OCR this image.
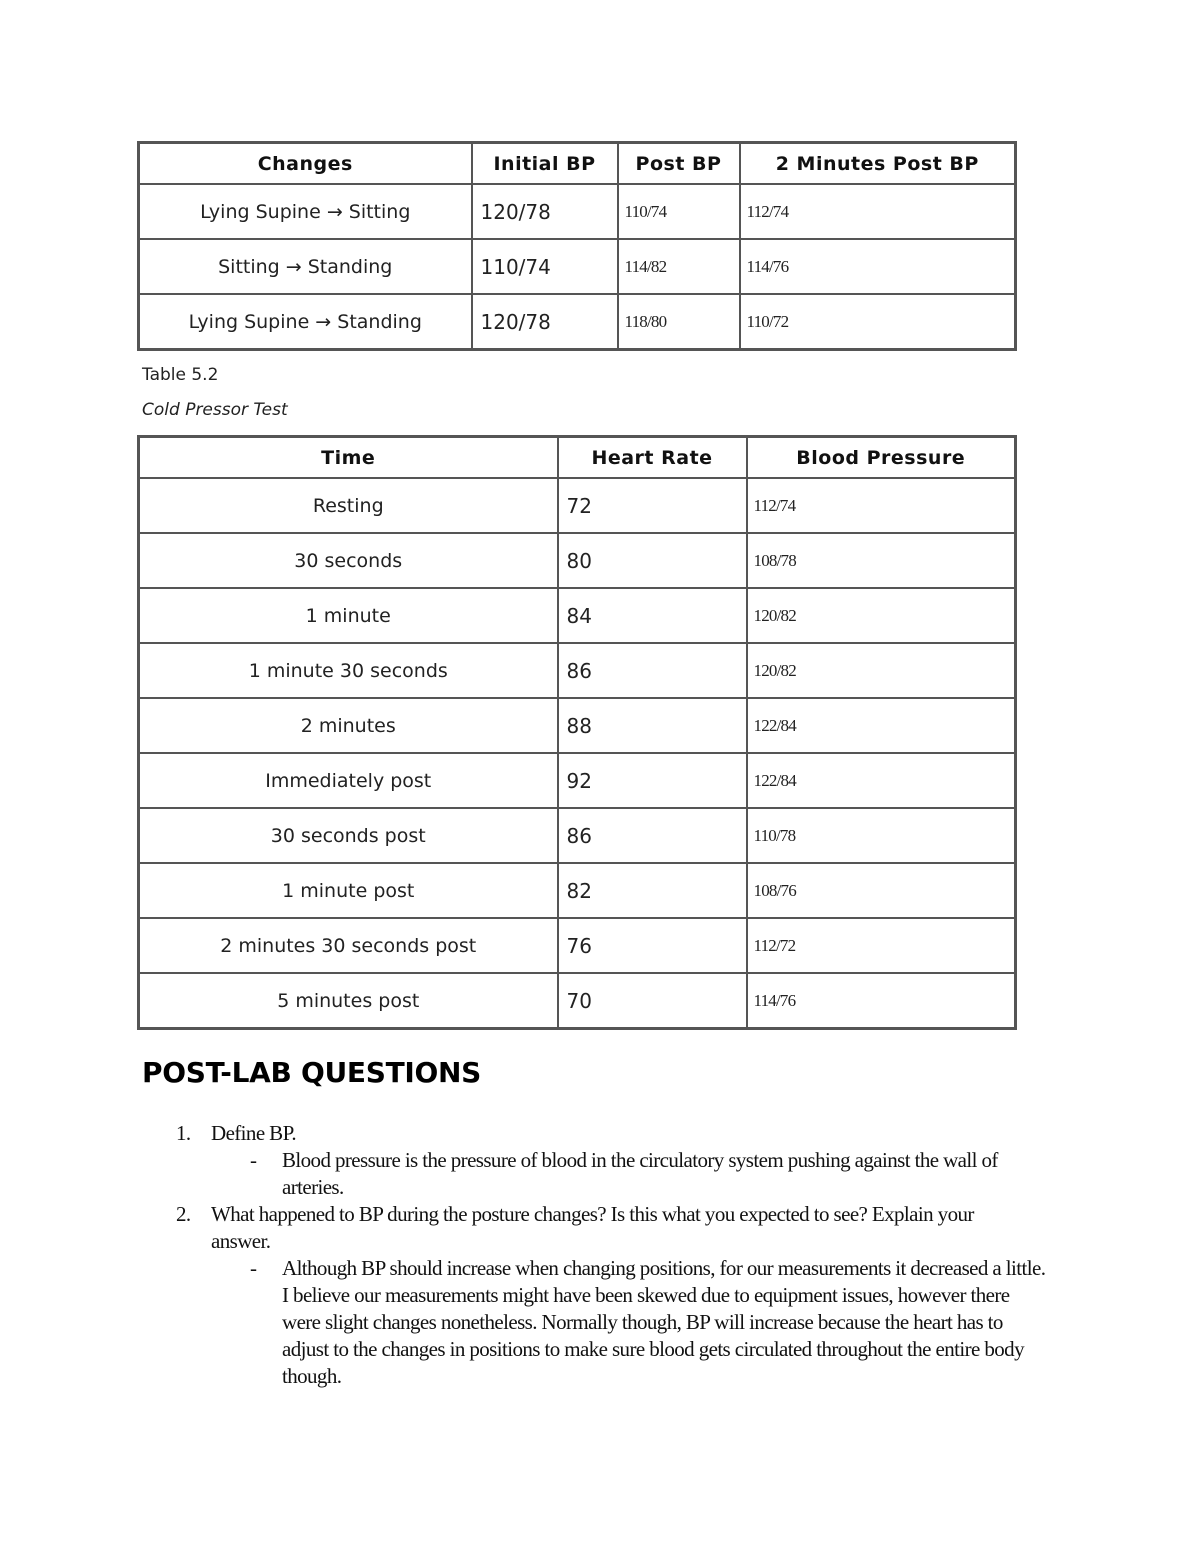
Changes	Initial BP	Post BP	2 Minutes Post BP
Lying Supine → Sitting	120/78	110/74	112/74
Sitting → Standing	110/74	114/82	114/76
Lying Supine → Standing	120/78	118/80	110/72
Table 5.2
Cold Pressor Test
Time	Heart Rate	Blood Pressure
Resting	72	112/74
30 seconds	80	108/78
1 minute	84	120/82
1 minute 30 seconds	86	120/82
2 minutes	88	122/84
Immediately post	92	122/84
30 seconds post	86	110/78
1 minute post	82	108/76
2 minutes 30 seconds post	76	112/72
5 minutes post	70	114/76
POST-LAB QUESTIONS
1. Define BP.
- Blood pressure is the pressure of blood in the circulatory system pushing against the wall of arteries.
2. What happened to BP during the posture changes? Is this what you expected to see? Explain your answer.
- Although BP should increase when changing positions, for our measurements it decreased a little. I believe our measurements might have been skewed due to equipment issues, however there were slight changes nonetheless. Normally though, BP will increase because the heart has to adjust to the changes in positions to make sure blood gets circulated throughout the entire body though.
